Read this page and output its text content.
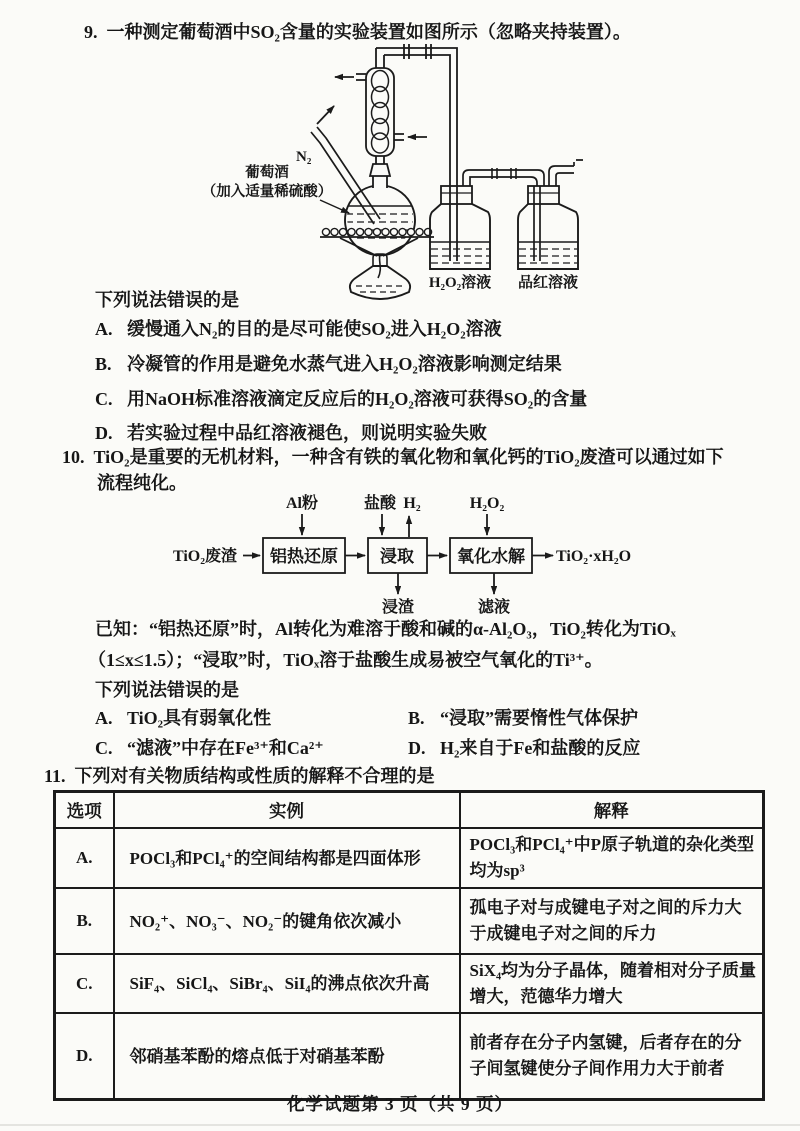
9. 一种测定葡萄酒中SO₂含量的实验装置如图所示（忽略夹持装置）。
N₂
葡萄酒
（加入适量稀硫酸）
H₂O₂溶液 品红溶液
下列说法错误的是
A. 缓慢通入N₂的目的是尽可能使SO₂进入H₂O₂溶液
B. 冷凝管的作用是避免水蒸气进入H₂O₂溶液影响测定结果
C. 用NaOH标准溶液滴定反应后的H₂O₂溶液可获得SO₂的含量
D. 若实验过程中品红溶液褪色，则说明实验失败
10. TiO₂是重要的无机材料，一种含有铁的氧化物和氧化钙的TiO₂废渣可以通过如下
流程纯化。
TiO₂废渣 铝热还原 浸取	氧化水解 TiO₂·xH₂O
Al粉	盐酸 H₂	H₂O₂
浸渣	滤液
已知：“铝热还原”时，Al转化为难溶于酸和碱的α-Al₂O₃，TiO₂转化为TiOₓ
（1≤x≤1.5）；“浸取”时，TiOₓ溶于盐酸生成易被空气氧化的Ti³⁺。
下列说法错误的是
A. TiO₂具有弱氧化性	B. “浸取”需要惰性气体保护
C. “滤液”中存在Fe³⁺和Ca²⁺	D. H₂来自于Fe和盐酸的反应
11. 下列对有关物质结构或性质的解释不合理的是
选项	实例	解释
A.	POCl₃和PCl₄⁺的空间结构都是四面体形	POCl₃和PCl₄⁺中P原子轨道的杂化类型均为sp³
B.	NO₂⁺、NO₃⁻、NO₂⁻的键角依次减小	孤电子对与成键电子对之间的斥力大于成键电子对之间的斥力
C.	SiF₄、SiCl₄、SiBr₄、SiI₄的沸点依次升高	SiX₄均为分子晶体，随着相对分子质量增大，范德华力增大
D.	邻硝基苯酚的熔点低于对硝基苯酚	前者存在分子内氢键，后者存在的分子间氢键使分子间作用力大于前者
化学试题第 3 页（共 9 页）
